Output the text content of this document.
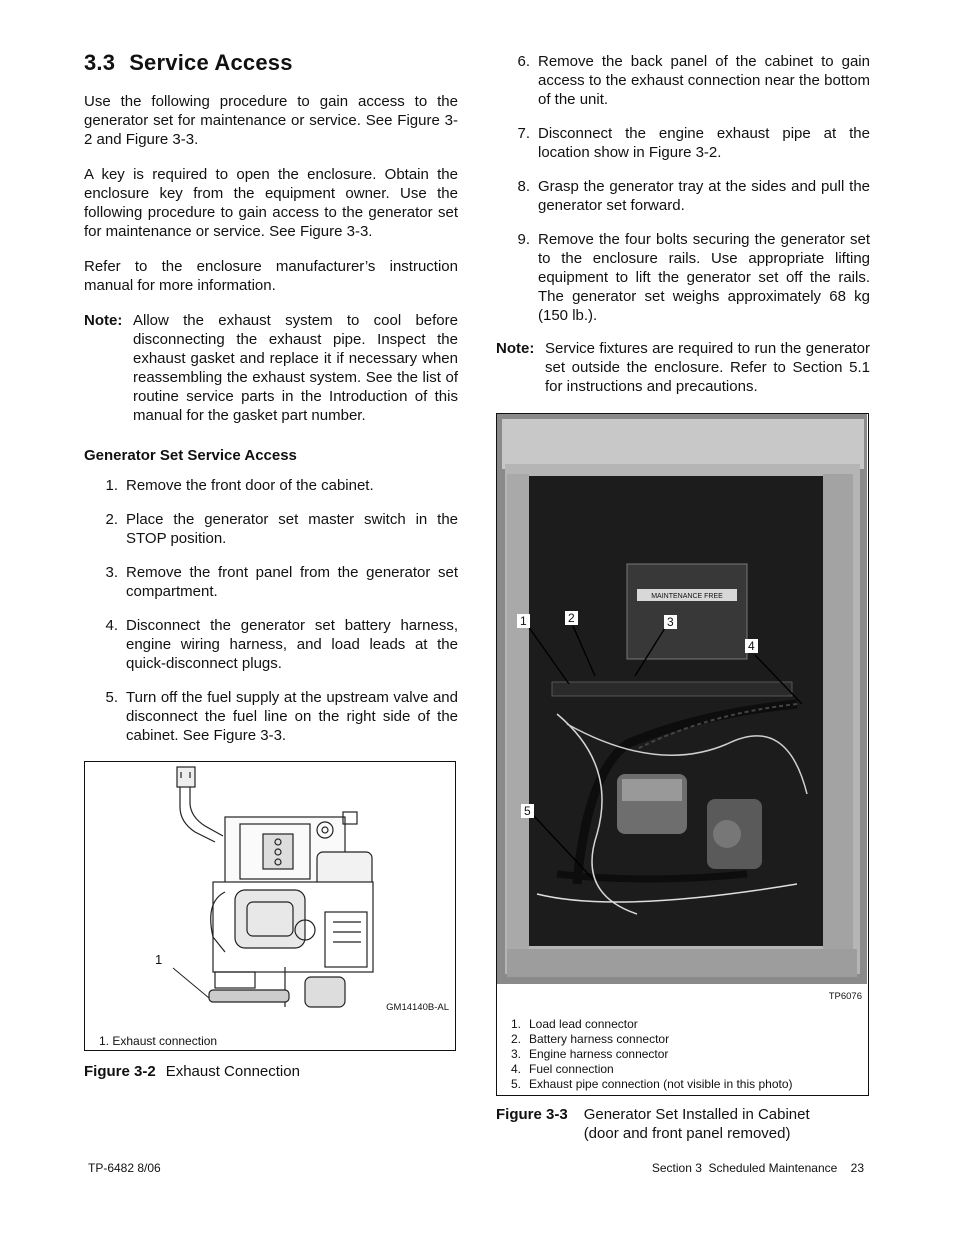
3.3 Service Access

Use the following procedure to gain access to the generator set for maintenance or service. See Figure 3-2 and Figure 3-3.

A key is required to open the enclosure. Obtain the enclosure key from the equipment owner. Use the following procedure to gain access to the generator set for maintenance or service. See Figure 3-3.

Refer to the enclosure manufacturer’s instruction manual for more information.

Note: Allow the exhaust system to cool before disconnecting the exhaust pipe. Inspect the exhaust gasket and replace it if necessary when reassembling the exhaust system. See the list of routine service parts in the Introduction of this manual for the gasket part number.
Generator Set Service Access
1. Remove the front door of the cabinet.
2. Place the generator set master switch in the STOP position.
3. Remove the front panel from the generator set compartment.
4. Disconnect the generator set battery harness, engine wiring harness, and load leads at the quick-disconnect plugs.
5. Turn off the fuel supply at the upstream valve and disconnect the fuel line on the right side of the cabinet. See Figure 3-3.
1
GM14140B-AL
1. Exhaust connection
Figure 3-2 Exhaust Connection
6. Remove the back panel of the cabinet to gain access to the exhaust connection near the bottom of the unit.
7. Disconnect the engine exhaust pipe at the location show in Figure 3-2.
8. Grasp the generator tray at the sides and pull the generator set forward.
9. Remove the four bolts securing the generator set to the enclosure rails. Use appropriate lifting equipment to lift the generator set off the rails. The generator set weighs approximately 68 kg (150 lb.).
Note: Service fixtures are required to run the generator set outside the enclosure. Refer to Section 5.1 for instructions and precautions.
MAINTENANCE FREE
1	2	3
4
5
TP6076
1. Load lead connector
2. Battery harness connector
3. Engine harness connector
4. Fuel connection
5. Exhaust pipe connection (not visible in this photo)
Figure 3-3 Generator Set Installed in Cabinet
(door and front panel removed)
TP-6482 8/06	Section 3  Scheduled Maintenance    23
